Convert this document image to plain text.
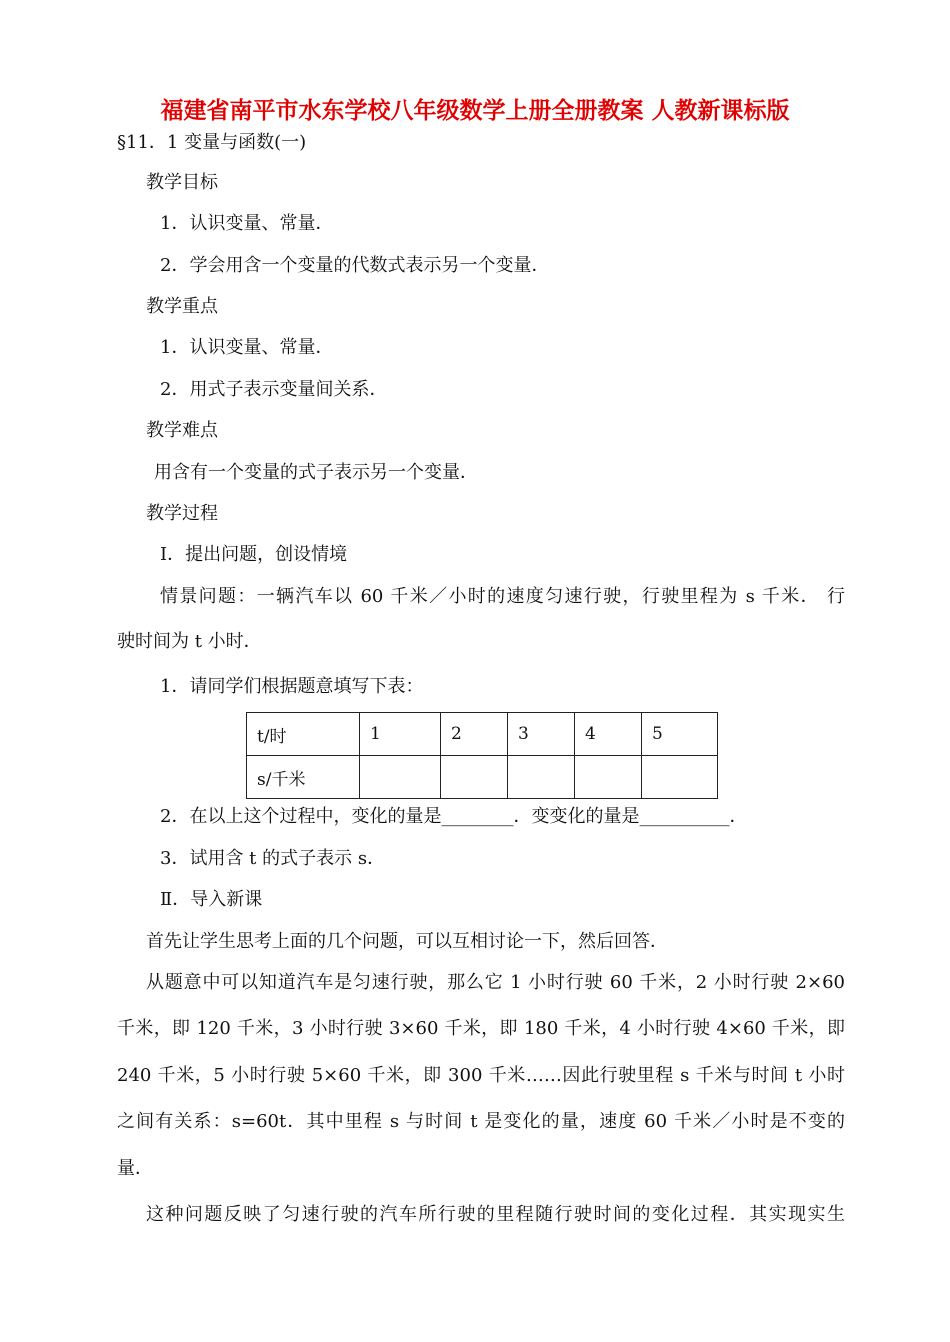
福建省南平市水东学校八年级数学上册全册教案 人教新课标版
§11．1 变量与函数(一)
教学目标
1．认识变量、常量．
2．学会用含一个变量的代数式表示另一个变量．
教学重点
1．认识变量、常量．
2．用式子表示变量间关系．
教学难点
用含有一个变量的式子表示另一个变量．
教学过程
Ⅰ．提出问题，创设情境
情景问题：一辆汽车以 60 千米／小时的速度匀速行驶，行驶里程为 s 千米． 行
驶时间为 t 小时．
1．请同学们根据题意填写下表：
t/时	1	2	3	4	5
s/千米					
2．在以上这个过程中，变化的量是________．变变化的量是__________．
3．试用含 t 的式子表示 s．
Ⅱ．导入新课
首先让学生思考上面的几个问题，可以互相讨论一下，然后回答．
从题意中可以知道汽车是匀速行驶，那么它 1 小时行驶 60 千米，2 小时行驶 2×60
千米，即 120 千米，3 小时行驶 3×60 千米，即 180 千米，4 小时行驶 4×60 千米，即
240 千米，5 小时行驶 5×60 千米，即 300 千米……因此行驶里程 s 千米与时间 t 小时
之间有关系：s=60t．其中里程 s 与时间 t 是变化的量，速度 60 千米／小时是不变的
量．
这种问题反映了匀速行驶的汽车所行驶的里程随行驶时间的变化过程．其实现实生
